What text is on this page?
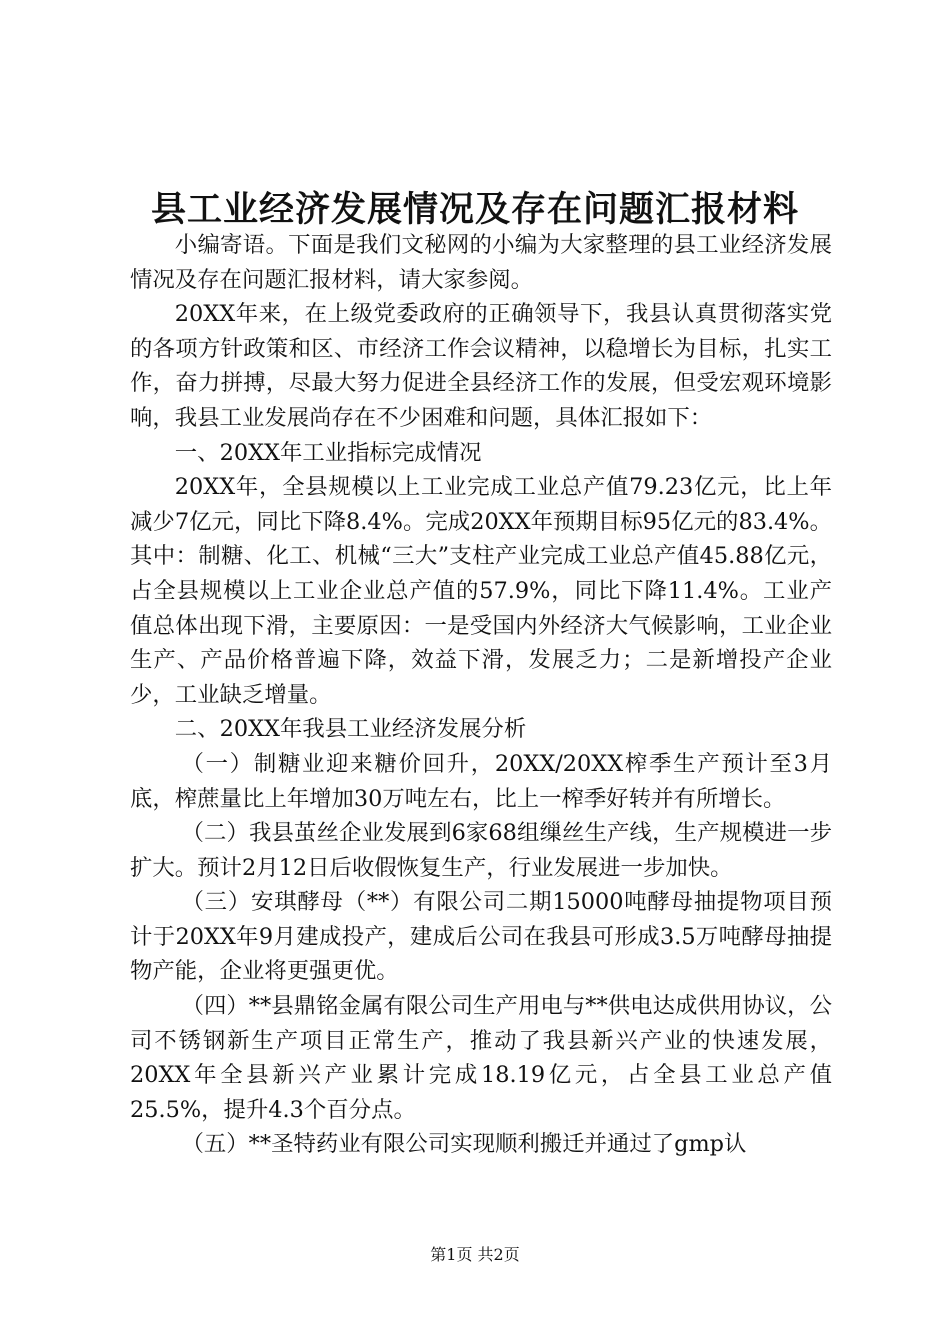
县工业经济发展情况及存在问题汇报材料

小编寄语。下面是我们文秘网的小编为大家整理的县工业经济发展情况及存在问题汇报材料，请大家参阅。

20XX年来，在上级党委政府的正确领导下，我县认真贯彻落实党的各项方针政策和区、市经济工作会议精神，以稳增长为目标，扎实工作，奋力拼搏，尽最大努力促进全县经济工作的发展，但受宏观环境影响，我县工业发展尚存在不少困难和问题，具体汇报如下：

一、20XX年工业指标完成情况

20XX年，全县规模以上工业完成工业总产值79.23亿元，比上年减少7亿元，同比下降8.4%。完成20XX年预期目标95亿元的83.4%。其中：制糖、化工、机械“三大”支柱产业完成工业总产值45.88亿元，占全县规模以上工业企业总产值的57.9%，同比下降11.4%。工业产值总体出现下滑，主要原因：一是受国内外经济大气候影响，工业企业生产、产品价格普遍下降，效益下滑，发展乏力；二是新增投产企业少，工业缺乏增量。

二、20XX年我县工业经济发展分析

（一）制糖业迎来糖价回升，20XX/20XX榨季生产预计至3月底，榨蔗量比上年增加30万吨左右，比上一榨季好转并有所增长。

（二）我县茧丝企业发展到6家68组缫丝生产线，生产规模进一步扩大。预计2月12日后收假恢复生产，行业发展进一步加快。

（三）安琪酵母（**）有限公司二期15000吨酵母抽提物项目预计于20XX年9月建成投产，建成后公司在我县可形成3.5万吨酵母抽提物产能，企业将更强更优。

（四）**县鼎铭金属有限公司生产用电与**供电达成供用协议，公司不锈钢新生产项目正常生产，推动了我县新兴产业的快速发展，20XX年全县新兴产业累计完成18.19亿元，占全县工业总产值25.5%，提升4.3个百分点。

（五）**圣特药业有限公司实现顺利搬迁并通过了gmp认

第1页 共2页
